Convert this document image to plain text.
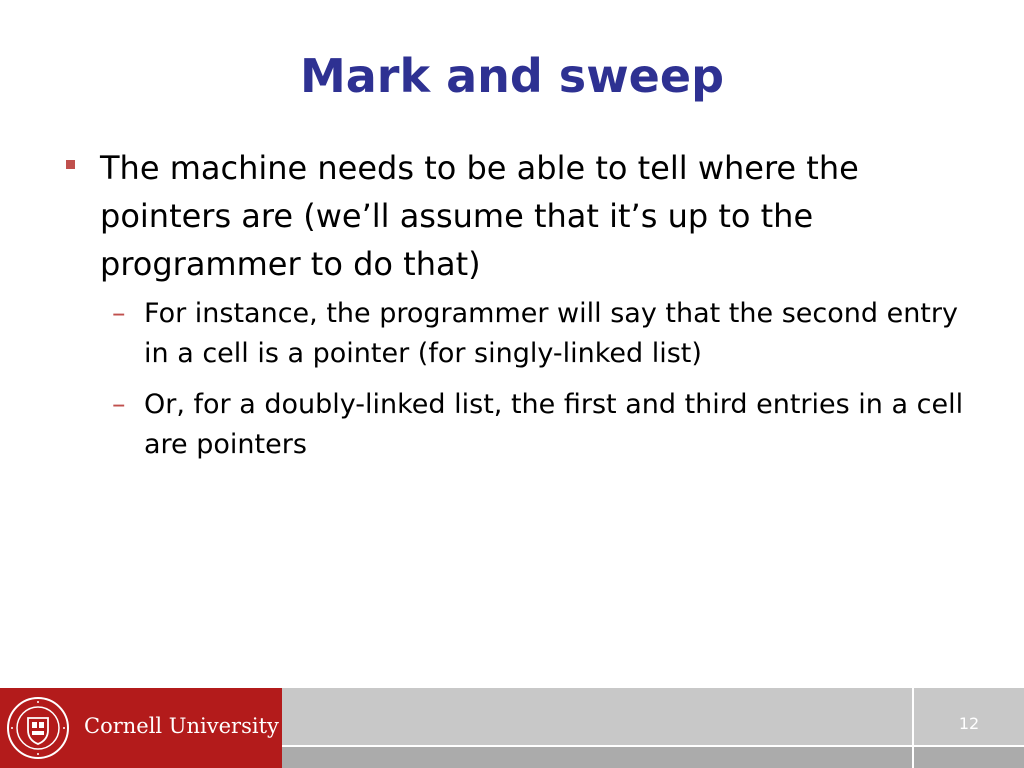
Mark and sweep
The machine needs to be able to tell where the pointers are (we’ll assume that it’s up to the programmer to do that)
– For instance, the programmer will say that the second entry in a cell is a pointer (for singly-linked list)
– Or, for a doubly-linked list, the first and third entries in a cell are pointers
Cornell University	12
